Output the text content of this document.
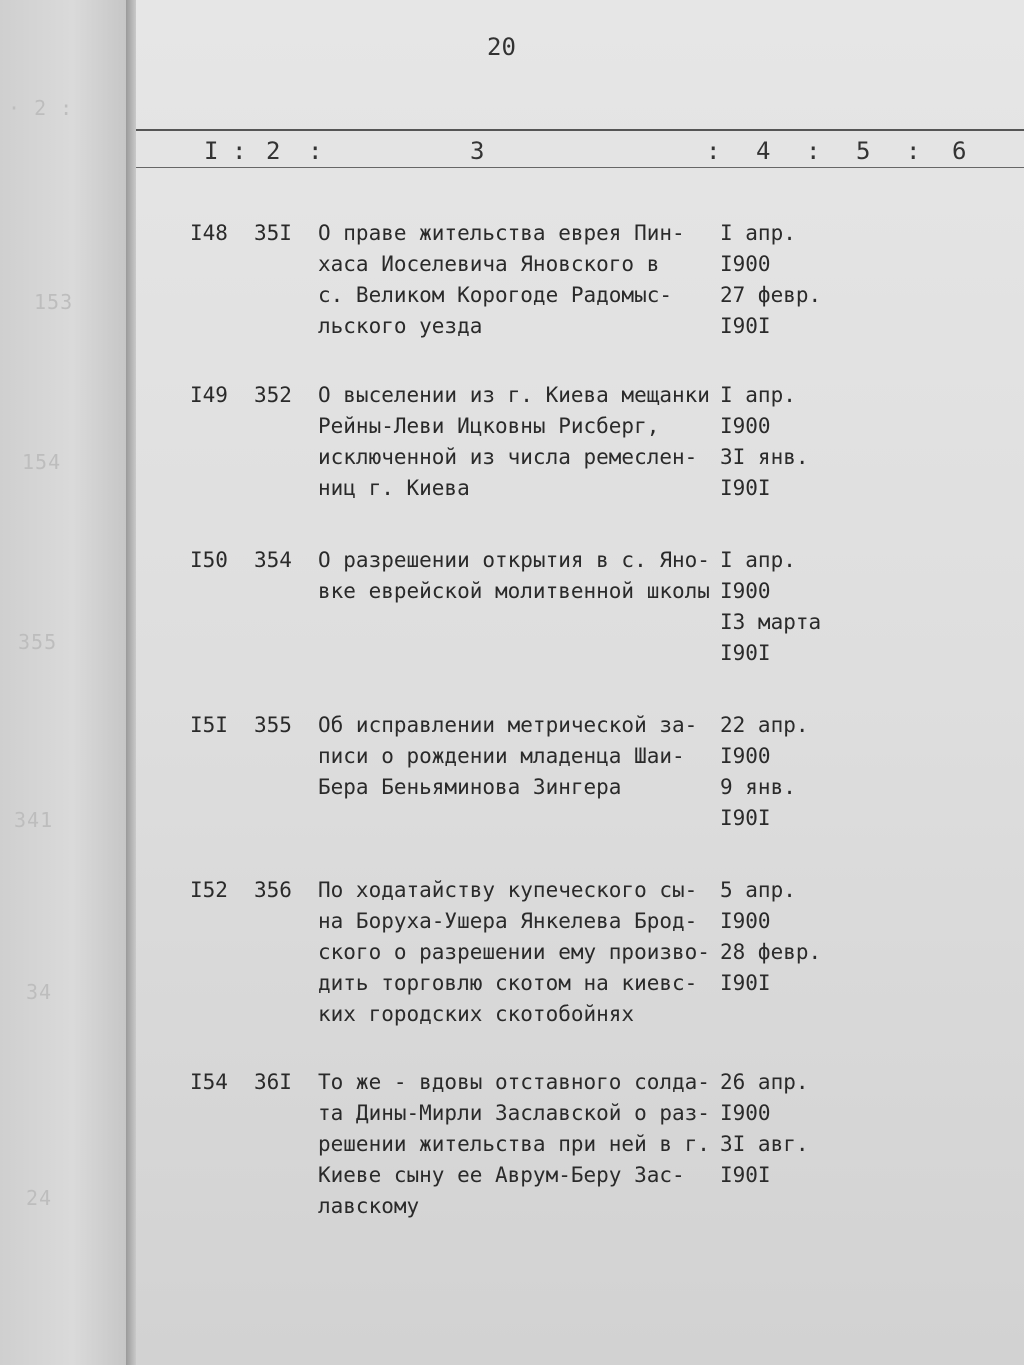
· 2 :
153
154
355
341
34
24
20
I : 2 :	3	: 4 : 5 : 6
I48 35I О праве жительства еврея Пин-
хаса Иоселевича Яновского в
с. Великом Корогоде Радомыс-
льского уезда
I апр.
I900
27 февр.
I90I
I49 352 О выселении из г. Киева мещанки
Рейны-Леви Ицковны Рисберг,
исключенной из числа ремеслен-
ниц г. Киева
I апр.
I900
3I янв.
I90I
I50 354 О разрешении открытия в с. Яно-
вке еврейской молитвенной школы
I апр.
I900
I3 марта
I90I
I5I 355 Об исправлении метрической за-
писи о рождении младенца Шаи-
Бера Беньяминова Зингера
22 апр.
I900
9 янв.
I90I
I52 356 По ходатайству купеческого сы-
на Боруха-Ушера Янкелева Брод-
ского о разрешении ему произво-
дить торговлю скотом на киевс-
ких городских скотобойнях
5 апр.
I900
28 февр.
I90I
I54 36I То же - вдовы отставного солда-
та Дины-Мирли Заславской о раз-
решении жительства при ней в г.
Киеве сыну ее Аврум-Беру Зас-
лавскому
26 апр.
I900
3I авг.
I90I
